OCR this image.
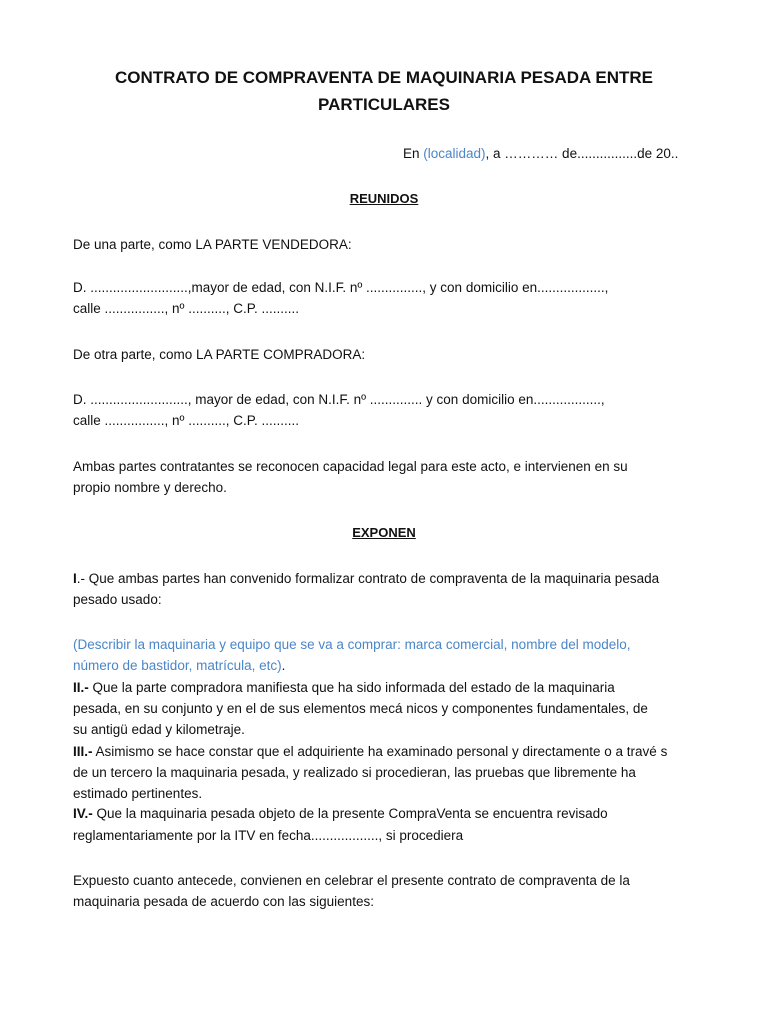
CONTRATO DE COMPRAVENTA DE MAQUINARIA PESADA ENTRE
PARTICULARES

En (localidad), a ………… de................de 20..

REUNIDOS

De una parte, como LA PARTE VENDEDORA:

D. ..........................,mayor de edad, con N.I.F. nº ..............., y con domicilio en..................,

calle ................, nº .........., C.P. ..........

De otra parte, como LA PARTE COMPRADORA:

D. .........................., mayor de edad, con N.I.F. nº .............. y con domicilio en..................,

calle ................, nº .........., C.P. ..........

Ambas partes contratantes se reconocen capacidad legal para este acto, e intervienen en su

propio nombre y derecho.

EXPONEN

I.- Que ambas partes han convenido formalizar contrato de compraventa de la maquinaria pesada

pesado usado:

(Describir la maquinaria y equipo que se va a comprar: marca comercial, nombre del modelo,

número de bastidor, matrícula, etc).

II.- Que la parte compradora manifiesta que ha sido informada del estado de la maquinaria

pesada, en su conjunto y en el de sus elementos mecá nicos y componentes fundamentales, de

su antigü edad y kilometraje.

III.- Asimismo se hace constar que el adquiriente ha examinado personal y directamente o a travé s

de un tercero la maquinaria pesada, y realizado si procedieran, las pruebas que libremente ha

estimado pertinentes.

IV.- Que la maquinaria pesada objeto de la presente CompraVenta se encuentra revisado

reglamentariamente por la ITV en fecha.................., si procediera

Expuesto cuanto antecede, convienen en celebrar el presente contrato de compraventa de la

maquinaria pesada de acuerdo con las siguientes:
